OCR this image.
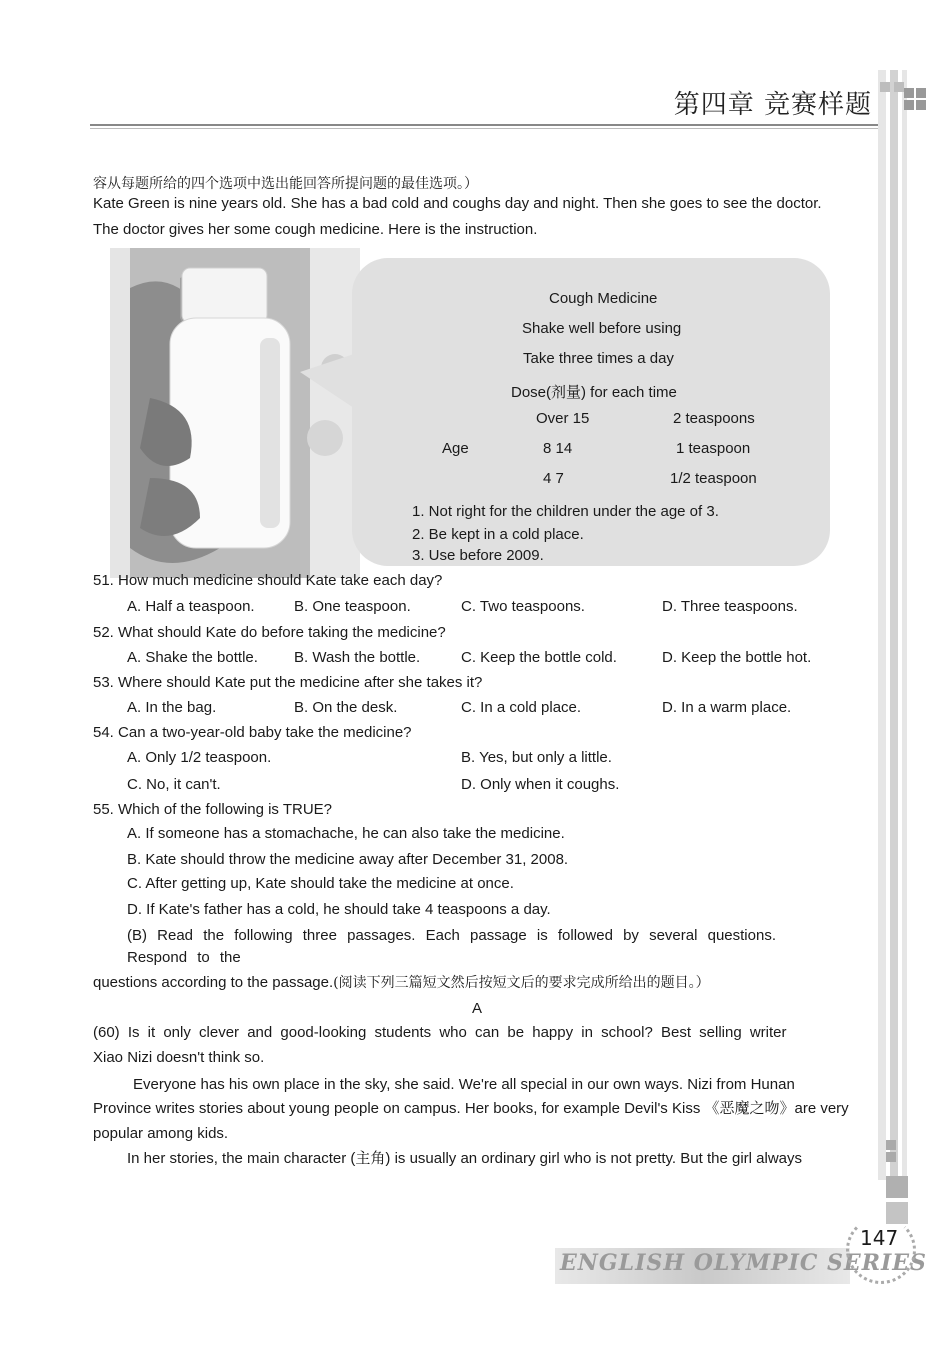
第四章 竞赛样题
容从每题所给的四个选项中选出能回答所提问题的最佳选项。）
Kate Green is nine years old. She has a bad cold and coughs day and night. Then she goes to see the doctor.
The doctor gives her some cough medicine. Here is the instruction.
Cough Medicine
Shake well before using
Take three times a day
Dose(剂量) for each time
Age
Over 15	2 teaspoons
8 14	1 teaspoon
4 7	1/2 teaspoon
1. Not right for the children under the age of 3.
2. Be kept in a cold place.
3. Use before 2009.
51. How much medicine should Kate take each day?
A. Half a teaspoon.	B. One teaspoon.	C. Two teaspoons.	D. Three teaspoons.
52. What should Kate do before taking the medicine?
A. Shake the bottle. B. Wash the bottle.	C. Keep the bottle cold.	D. Keep the bottle hot.
53. Where should Kate put the medicine after she takes it?
A. In the bag.	B. On the desk.	C. In a cold place.	D. In a warm place.
54. Can a two-year-old baby take the medicine?
A. Only 1/2 teaspoon.	B. Yes, but only a little.
C. No, it can't.	D. Only when it coughs.
55. Which of the following is TRUE?
A. If someone has a stomachache, he can also take the medicine.
B. Kate should throw the medicine away after December 31, 2008.
C. After getting up, Kate should take the medicine at once.
D. If Kate's father has a cold, he should take 4 teaspoons a day.
(B) Read the following three passages. Each passage is followed by several questions. Respond to the
questions according to the passage.(阅读下列三篇短文然后按短文后的要求完成所给出的题目。）
A
(60) Is it only clever and good-looking students who can be happy in school? Best selling writer
Xiao Nizi doesn't think so.
Everyone has his own place in the sky, she said. We're all special in our own ways. Nizi from Hunan
Province writes stories about young people on campus. Her books, for example Devil's Kiss 《恶魔之吻》are very
popular among kids.
In her stories, the main character (主角) is usually an ordinary girl who is not pretty. But the girl always
ENGLISH OLYMPIC SERIES
147
